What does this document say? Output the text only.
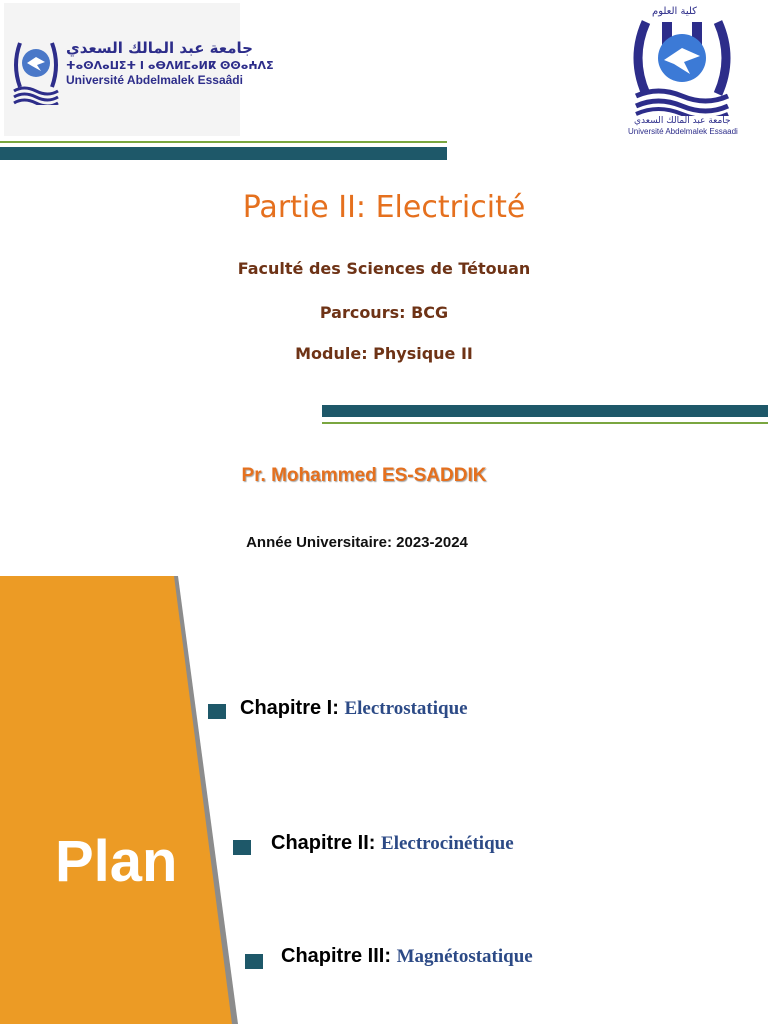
جامعة عبد المالك السعدي
ⵜⴰⵙⴷⴰⵡⵉⵜ ⵏ ⴰⴱⴷⵍⵎⴰⵍⴽ ⵙⵙⴰⵄⴷⵉ
Université Abdelmalek Essaâdi
كلية العلوم
جامعة عبد المالك السعدي
Université Abdelmalek Essaadi
Partie II: Electricité
Faculté des Sciences de Tétouan
Parcours: BCG
Module: Physique II
Pr. Mohammed ES-SADDIK
Année Universitaire: 2023-2024
Plan
Chapitre I: Electrostatique
Chapitre II: Electrocinétique
Chapitre III: Magnétostatique
